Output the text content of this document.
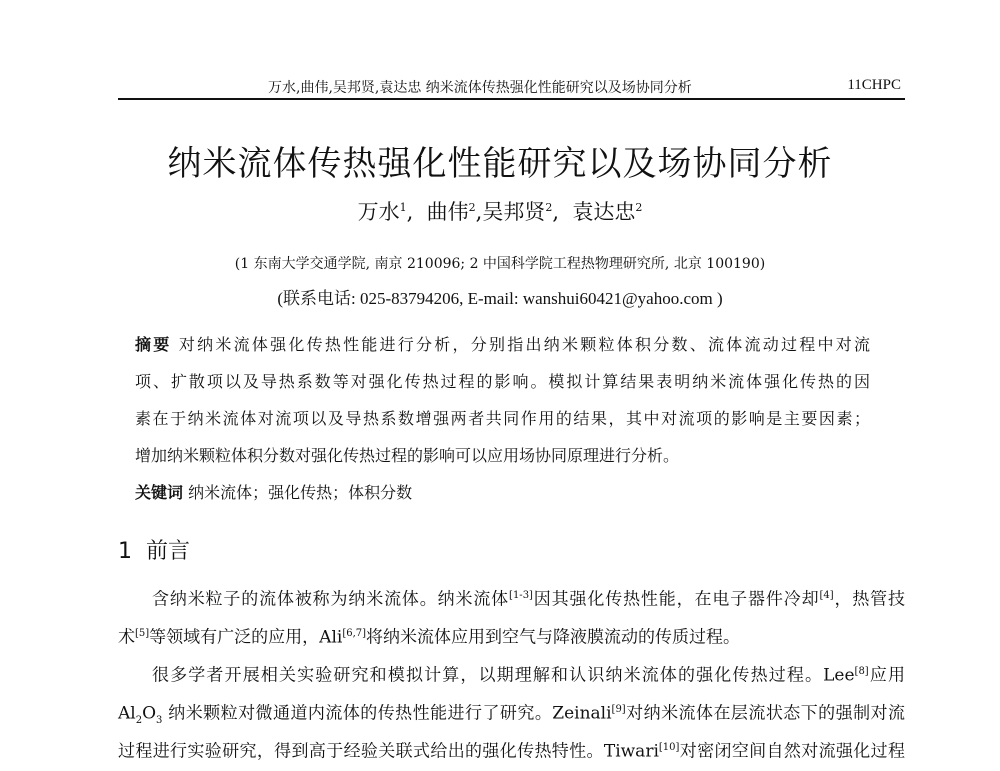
万水,曲伟,吴邦贤,袁达忠 纳米流体传热强化性能研究以及场协同分析	11CHPC
纳米流体传热强化性能研究以及场协同分析
万水$^1$,  曲伟$^2$,吴邦贤$^2$,  袁达忠$^2$
(1 东南大学交通学院, 南京 210096; 2 中国科学院工程热物理研究所, 北京 100190)
(联系电话: 025-83794206, E-mail: wanshui60421@yahoo.com )
摘要 对纳米流体强化传热性能进行分析，分别指出纳米颗粒体积分数、流体流动过程中对流
项、扩散项以及导热系数等对强化传热过程的影响。模拟计算结果表明纳米流体强化传热的因
素在于纳米流体对流项以及导热系数增强两者共同作用的结果，其中对流项的影响是主要因素；
增加纳米颗粒体积分数对强化传热过程的影响可以应用场协同原理进行分析。
关键词 纳米流体；强化传热；体积分数
1 前言
含纳米粒子的流体被称为纳米流体。纳米流体[1-3]因其强化传热性能，在电子器件冷却[4]，热管技
术[5]等领域有广泛的应用，Ali[6,7]将纳米流体应用到空气与降液膜流动的传质过程。
很多学者开展相关实验研究和模拟计算，以期理解和认识纳米流体的强化传热过程。Lee[8]应用
$Al_2O_3$ 纳米颗粒对微通道内流体的传热性能进行了研究。Zeinali[9]对纳米流体在层流状态下的强制对流
过程进行实验研究，得到高于经验关联式给出的强化传热特性。Tiwari[10]对密闭空间自然对流强化过程
